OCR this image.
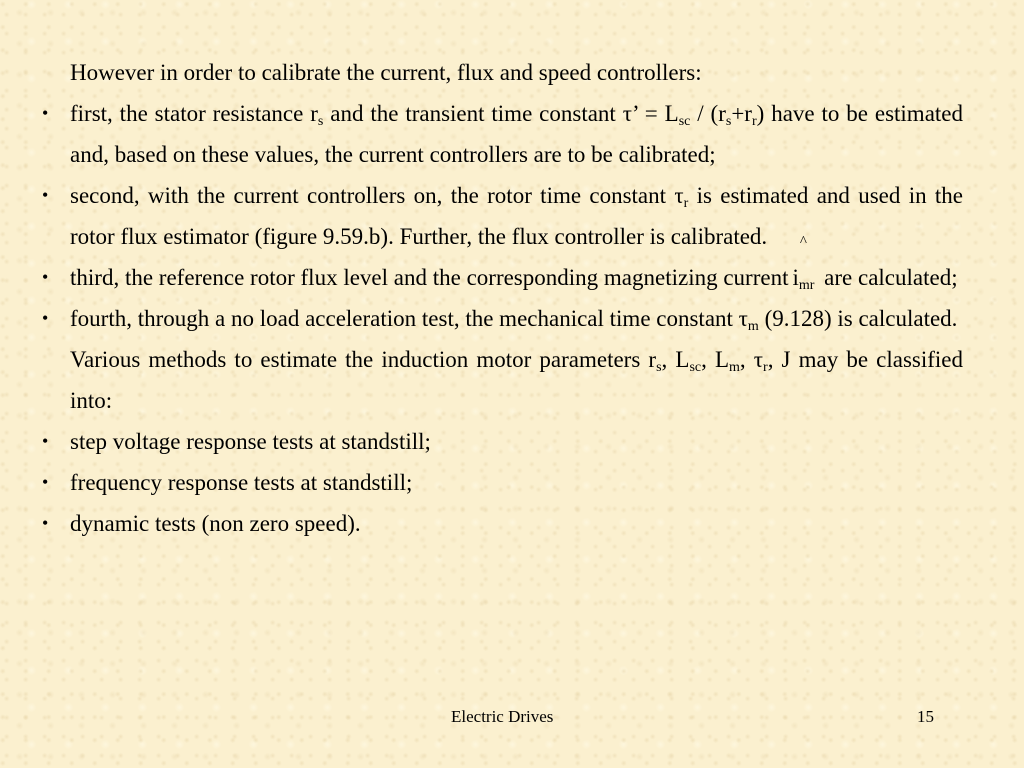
However in order to calibrate the current, flux and speed controllers:

• first, the stator resistance $r_s$ and the transient time constant τ’ = $L_{sc} / (r_s+r_r)$ have to be estimated and, based on these values, the current controllers are to be calibrated;

• second, with the current controllers on, the rotor time constant $\tau_r$ is estimated and used in the rotor flux estimator (figure 9.59.b). Further, the flux controller is calibrated.

• third, the reference rotor flux level and the corresponding magnetizing current
^
$i_{mr}$ are calculated;

• fourth, through a no load acceleration test, the mechanical time constant $\tau_m$ (9.128) is calculated.

Various methods to estimate the induction motor parameters $r_s$, $L_{sc}$, $L_m$, $\tau_r$, J may be classified into:

• step voltage response tests at standstill;

• frequency response tests at standstill;

• dynamic tests (non zero speed).

Electric Drives	15
